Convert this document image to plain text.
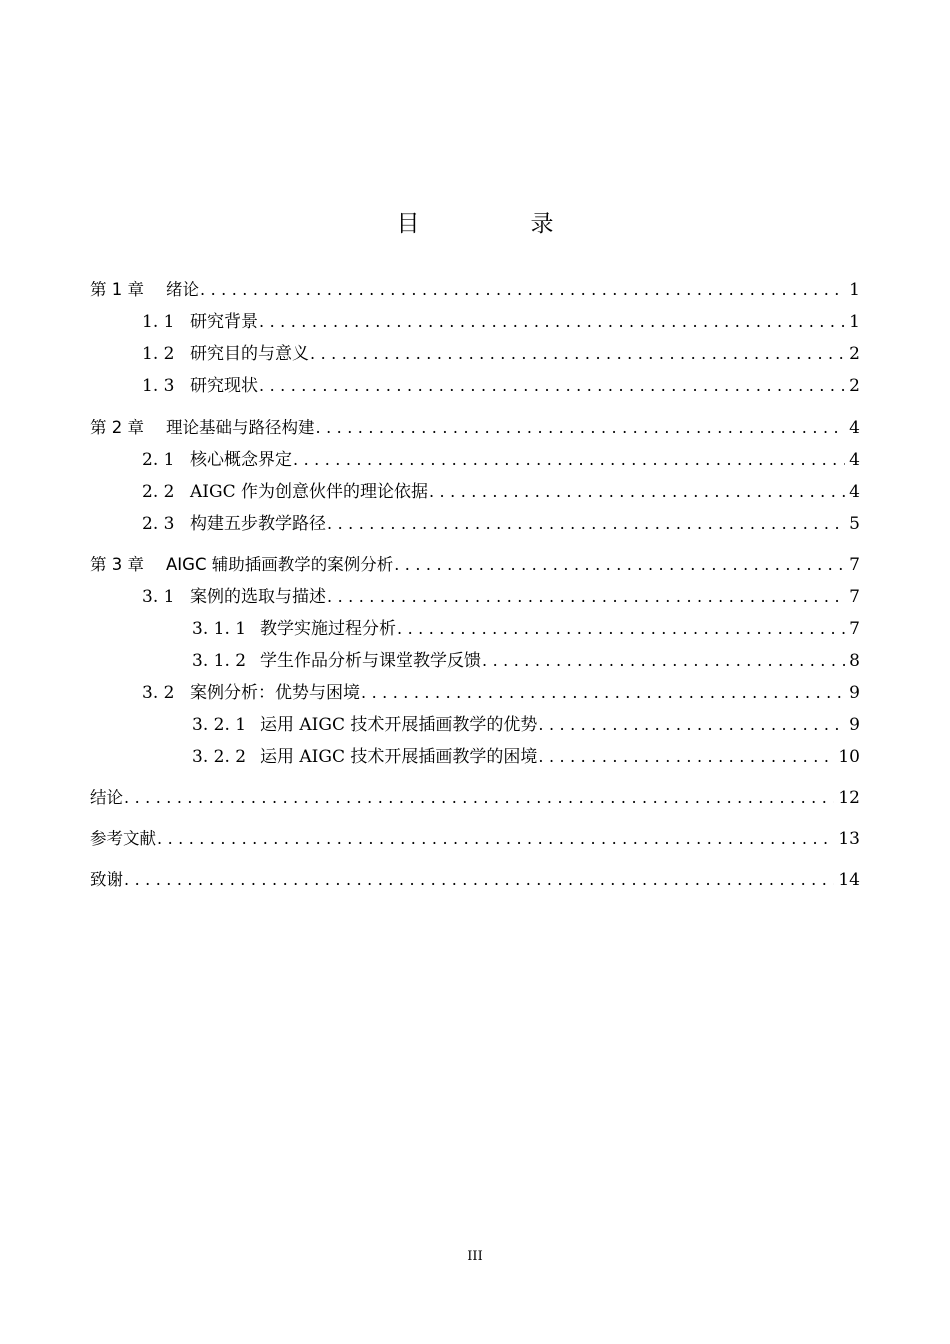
目　录
第 1 章 绪论 . . .	1
1. 1 研究背景 . . .	1
1. 2 研究目的与意义 . . .	2
1. 3 研究现状 . . .	2
第 2 章 理论基础与路径构建 . . .	4
2. 1 核心概念界定 . . .	4
2. 2 AIGC 作为创意伙伴的理论依据 . . .	4
2. 3 构建五步教学路径 . . .	5
第 3 章 AIGC 辅助插画教学的案例分析 . . .	7
3. 1 案例的选取与描述 . . .	7
3. 1. 1 教学实施过程分析 . . .	7
3. 1. 2 学生作品分析与课堂教学反馈 . . .	8
3. 2 案例分析：优势与困境 . . .	9
3. 2. 1 运用 AIGC 技术开展插画教学的优势 . . .	9
3. 2. 2 运用 AIGC 技术开展插画教学的困境 . . .	10
结论 . . .	12
参考文献 . . .	13
致谢 . . .	14
III
